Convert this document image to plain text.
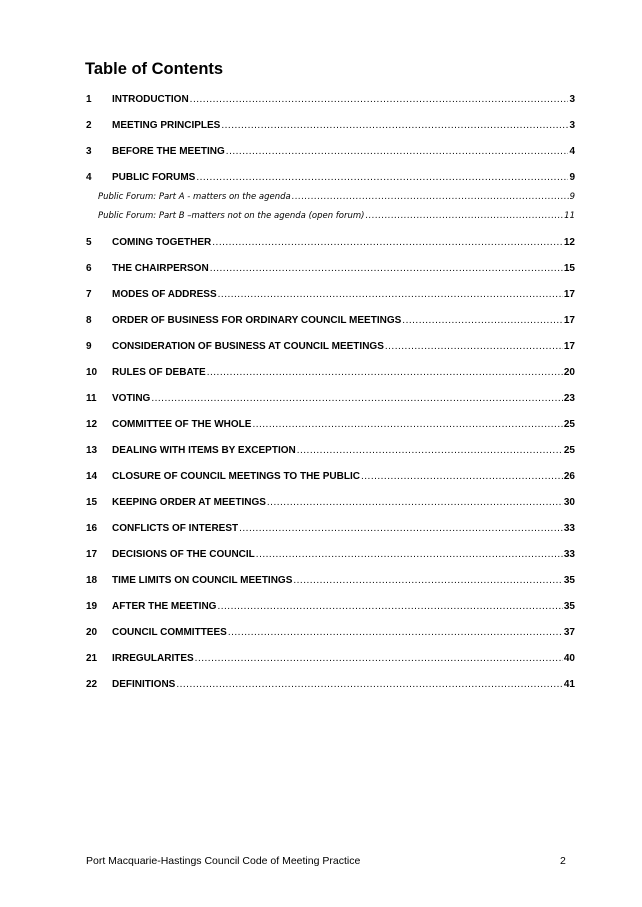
Table of Contents
1	INTRODUCTION .....	3
2	MEETING PRINCIPLES .....	3
3	BEFORE THE MEETING .....	4
4	PUBLIC FORUMS .....	9
Public Forum: Part A - matters on the agenda .....	9
Public Forum: Part B –matters not on the agenda (open forum) .....	11
5	COMING TOGETHER .....	12
6	THE CHAIRPERSON .....	15
7	MODES OF ADDRESS .....	17
8	ORDER OF BUSINESS FOR ORDINARY COUNCIL MEETINGS .....	17
9	CONSIDERATION OF BUSINESS AT COUNCIL MEETINGS .....	17
10	RULES OF DEBATE .....	20
11	VOTING .....	23
12	COMMITTEE OF THE WHOLE .....	25
13	DEALING WITH ITEMS BY EXCEPTION .....	25
14	CLOSURE OF COUNCIL MEETINGS TO THE PUBLIC .....	26
15	KEEPING ORDER AT MEETINGS .....	30
16	CONFLICTS OF INTEREST .....	33
17	DECISIONS OF THE COUNCIL .....	33
18	TIME LIMITS ON COUNCIL MEETINGS .....	35
19	AFTER THE MEETING .....	35
20	COUNCIL COMMITTEES .....	37
21	IRREGULARITES .....	40
22	DEFINITIONS .....	41
Port Macquarie-Hastings Council Code of Meeting Practice	2
